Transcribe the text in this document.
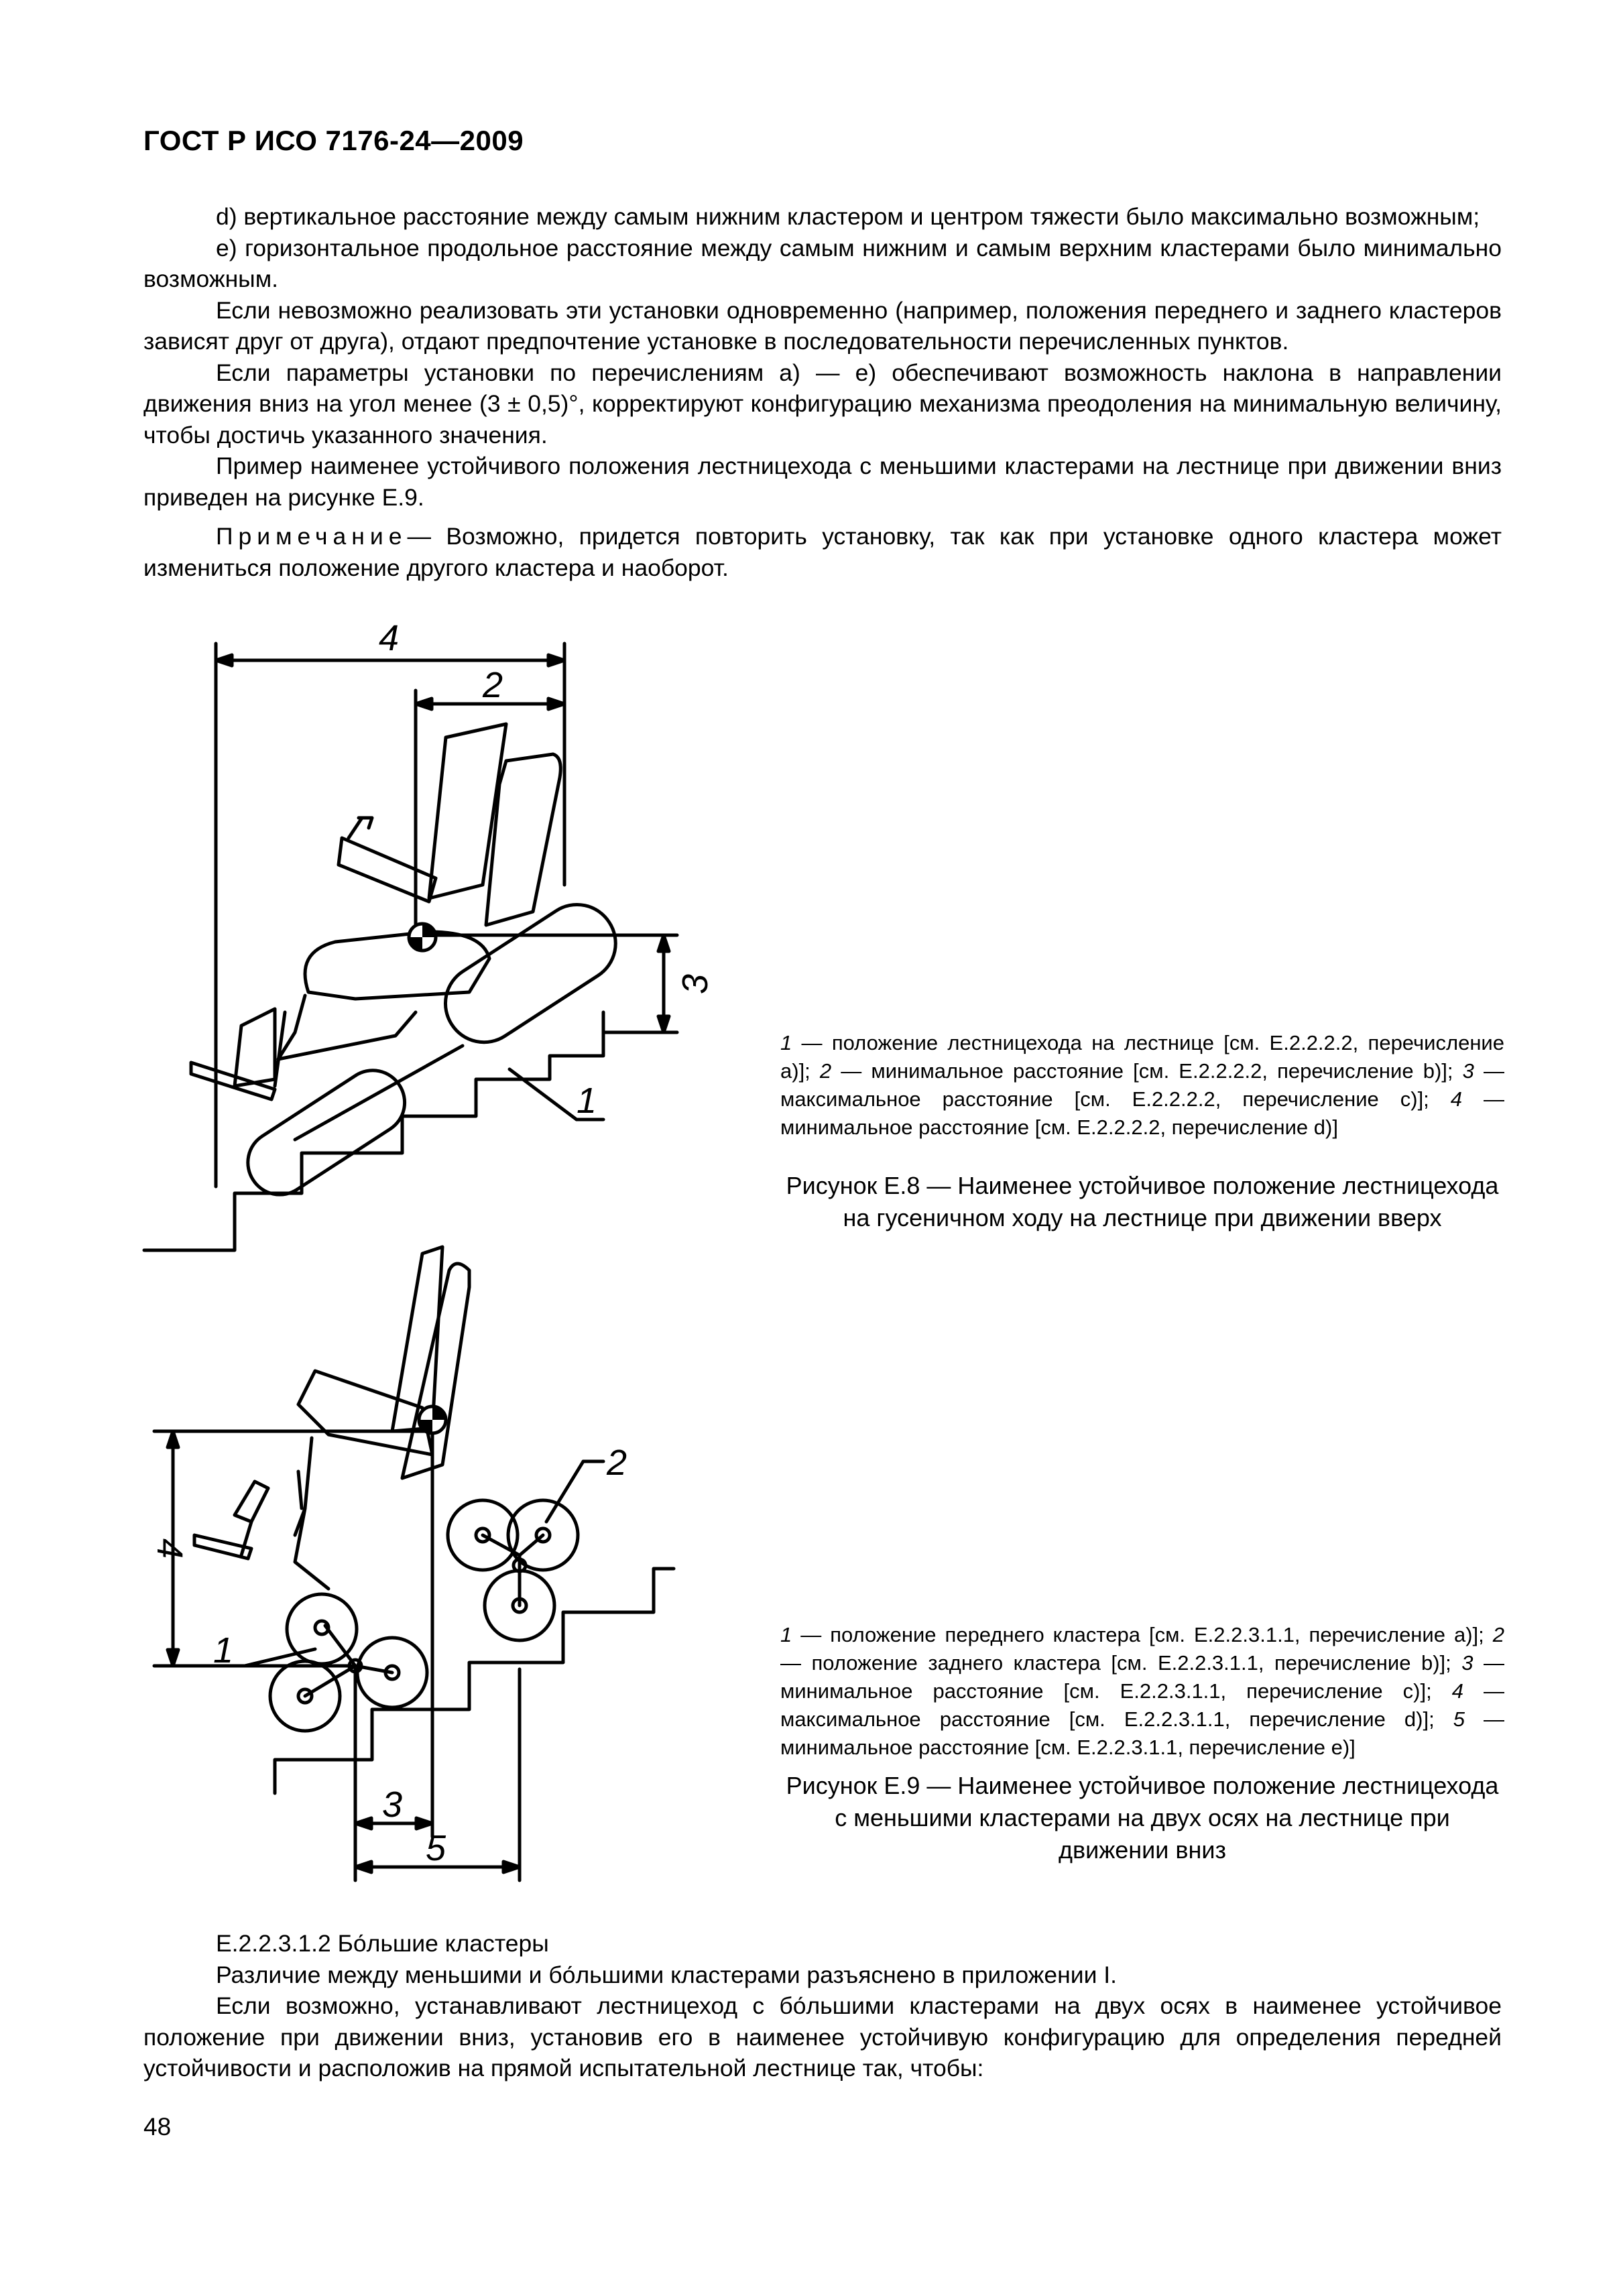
ГОСТ Р ИСО 7176-24—2009

d) вертикальное расстояние между самым нижним кластером и центром тяжести было максимально возможным;

е) горизонтальное продольное расстояние между самым нижним и самым верхним кластерами было минимально возможным.

Если невозможно реализовать эти установки одновременно (например, положения переднего и заднего кластеров зависят друг от друга), отдают предпочтение установке в последовательности перечисленных пунктов.

Если параметры установки по перечислениям а) — е) обеспечивают возможность наклона в направлении движения вниз на угол менее (3 ± 0,5)°, корректируют конфигурацию механизма преодоления на минимальную величину, чтобы достичь указанного значения.

Пример наименее устойчивого положения лестницехода с меньшими кластерами на лестнице при движении вниз приведен на рисунке Е.9.

Примечание— Возможно, придется повторить установку, так как при установке одного кластера может измениться положение другого кластера и наоборот.

4
2
3
1
1 — положение лестницехода на лестнице [см. Е.2.2.2.2, перечисление а)]; 2 — минимальное расстояние [см. Е.2.2.2.2, перечисление b)]; 3 — максимальное расстояние [см. Е.2.2.2.2, перечисление с)]; 4 — минимальное расстояние [см. Е.2.2.2.2, перечисление d)]
Рисунок Е.8 — Наименее устойчивое положение лестницехода на гусеничном ходу на лестнице при движении вверх
2
4
1
3
5
1 — положение переднего кластера [см. Е.2.2.3.1.1, перечисление а)]; 2 — положение заднего кластера [см. Е.2.2.3.1.1, перечисление b)]; 3 — минимальное расстояние [см. Е.2.2.3.1.1, перечисление с)]; 4 — максимальное расстояние [см. Е.2.2.3.1.1, перечисление d)]; 5 — минимальное расстояние [см. Е.2.2.3.1.1, перечисление е)]
Рисунок Е.9 — Наименее устойчивое положение лестницехода с меньшими кластерами на двух осях на лестнице при движении вниз

Е.2.2.3.1.2 Бо́льшие кластеры

Различие между меньшими и бо́льшими кластерами разъяснено в приложении I.

Если возможно, устанавливают лестницеход с бо́льшими кластерами на двух осях в наименее устойчивое положение при движении вниз, установив его в наименее устойчивую конфигурацию для определения передней устойчивости и расположив на прямой испытательной лестнице так, чтобы:

48
